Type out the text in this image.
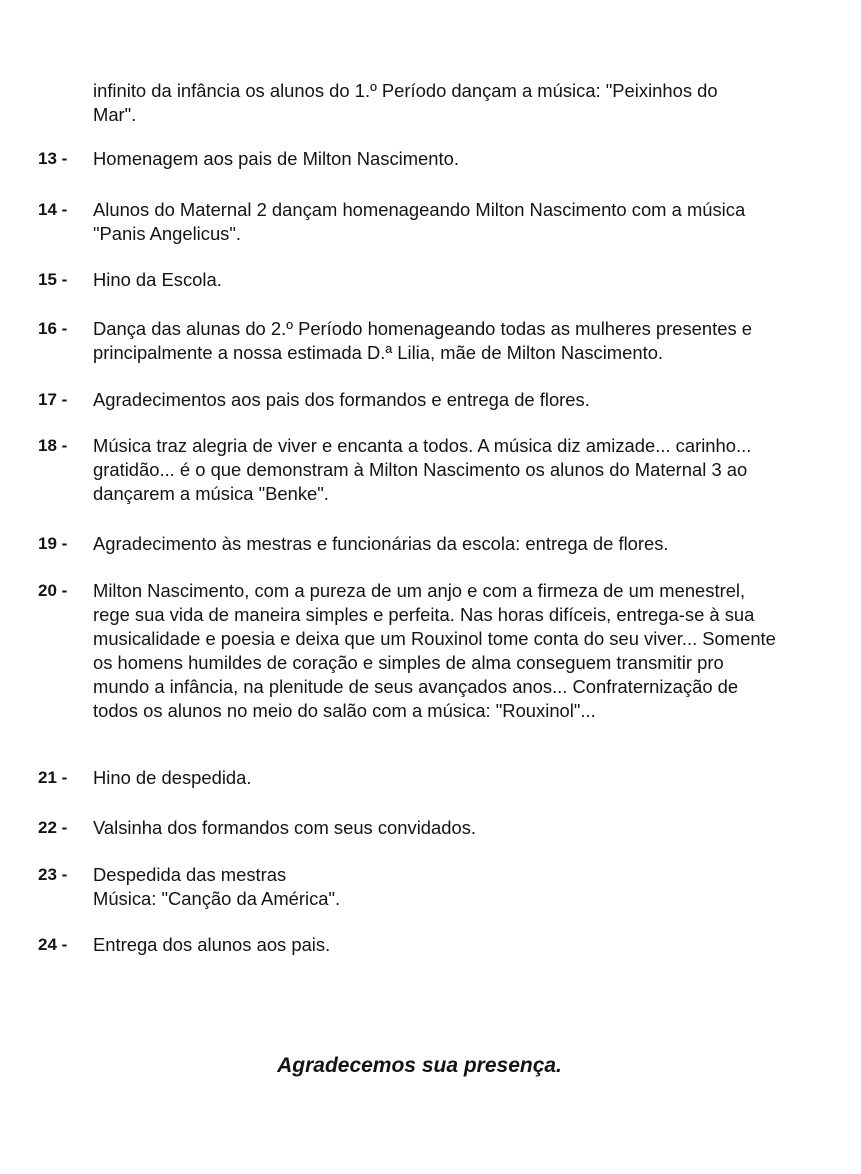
infinito da infância os alunos do 1.º Período dançam a música: "Peixinhos do
Mar".
13 - Homenagem aos pais de Milton Nascimento.
14 - Alunos do Maternal 2 dançam homenageando Milton Nascimento com a música
"Panis Angelicus".
15 - Hino da Escola.
16 - Dança das alunas do 2.º Período homenageando todas as mulheres presentes e
principalmente a nossa estimada D.ª Lilia, mãe de Milton Nascimento.
17 - Agradecimentos aos pais dos formandos e entrega de flores.
18 - Música traz alegria de viver e encanta a todos. A música diz amizade... carinho...
gratidão... é o que demonstram à Milton Nascimento os alunos do Maternal 3 ao
dançarem a música "Benke".
19 - Agradecimento às mestras e funcionárias da escola: entrega de flores.
20 - Milton Nascimento, com a pureza de um anjo e com a firmeza de um menestrel,
rege sua vida de maneira simples e perfeita. Nas horas difíceis, entrega-se à sua
musicalidade e poesia e deixa que um Rouxinol tome conta do seu viver... Somente
os homens humildes de coração e simples de alma conseguem transmitir pro
mundo a infância, na plenitude de seus avançados anos... Confraternização de
todos os alunos no meio do salão com a música: "Rouxinol"...
21 - Hino de despedida.
22 - Valsinha dos formandos com seus convidados.
23 - Despedida das mestras
Música: "Canção da América".
24 - Entrega dos alunos aos pais.
Agradecemos sua presença.
